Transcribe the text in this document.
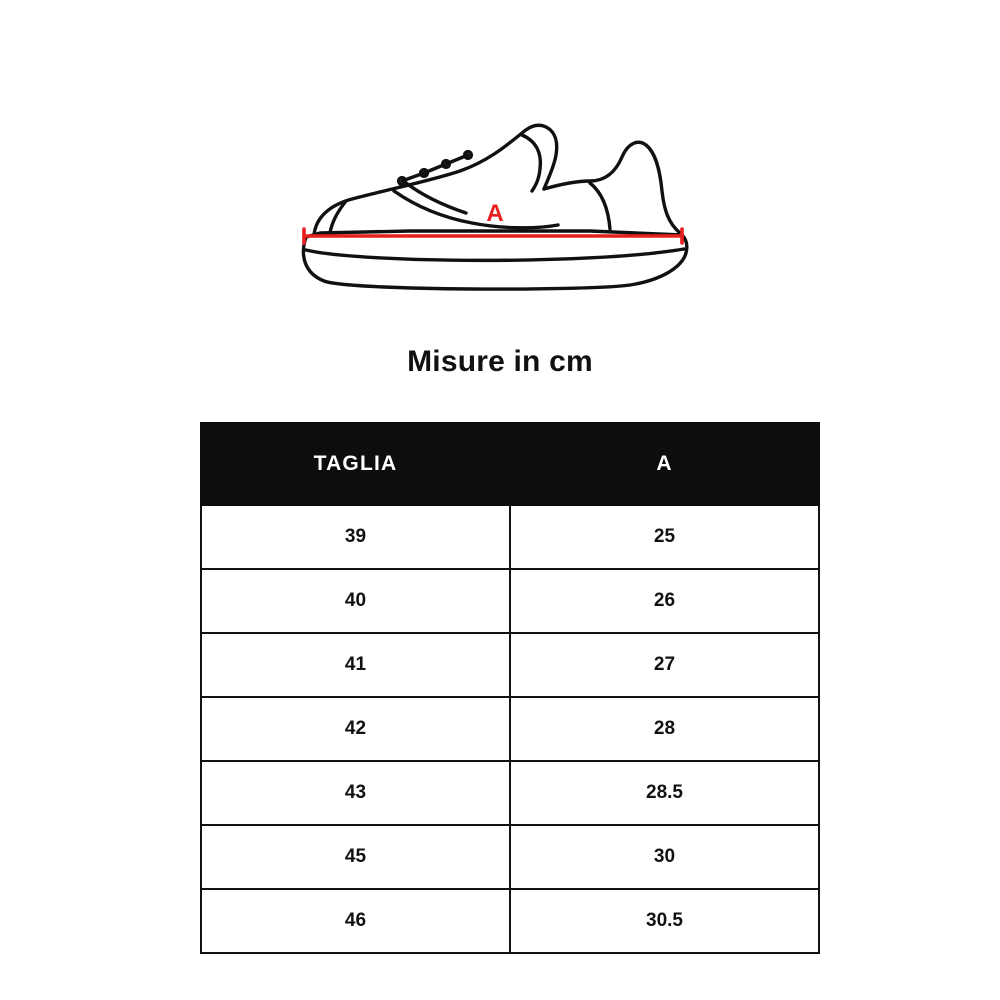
A
Misure in cm
TAGLIA	A
39	25
40	26
41	27
42	28
43	28.5
45	30
46	30.5
